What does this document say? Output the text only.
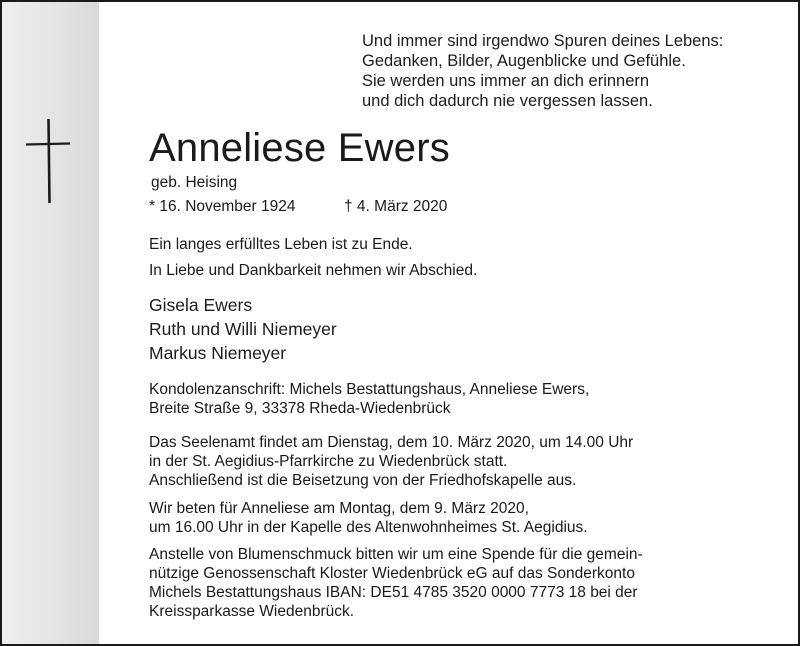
Und immer sind irgendwo Spuren deines Lebens:
Gedanken, Bilder, Augenblicke und Gefühle.
Sie werden uns immer an dich erinnern
und dich dadurch nie vergessen lassen.
Anneliese Ewers
geb. Heising
* 16. November 1924	† 4. März 2020
Ein langes erfülltes Leben ist zu Ende.
In Liebe und Dankbarkeit nehmen wir Abschied.
Gisela Ewers
Ruth und Willi Niemeyer
Markus Niemeyer
Kondolenzanschrift: Michels Bestattungshaus, Anneliese Ewers,
Breite Straße 9, 33378 Rheda-Wiedenbrück
Das Seelenamt findet am Dienstag, dem 10. März 2020, um 14.00 Uhr
in der St. Aegidius-Pfarrkirche zu Wiedenbrück statt.
Anschließend ist die Beisetzung von der Friedhofskapelle aus.
Wir beten für Anneliese am Montag, dem 9. März 2020,
um 16.00 Uhr in der Kapelle des Altenwohnheimes St. Aegidius.
Anstelle von Blumenschmuck bitten wir um eine Spende für die gemein-
nützige Genossenschaft Kloster Wiedenbrück eG auf das Sonderkonto
Michels Bestattungshaus IBAN: DE51 4785 3520 0000 7773 18 bei der
Kreissparkasse Wiedenbrück.
